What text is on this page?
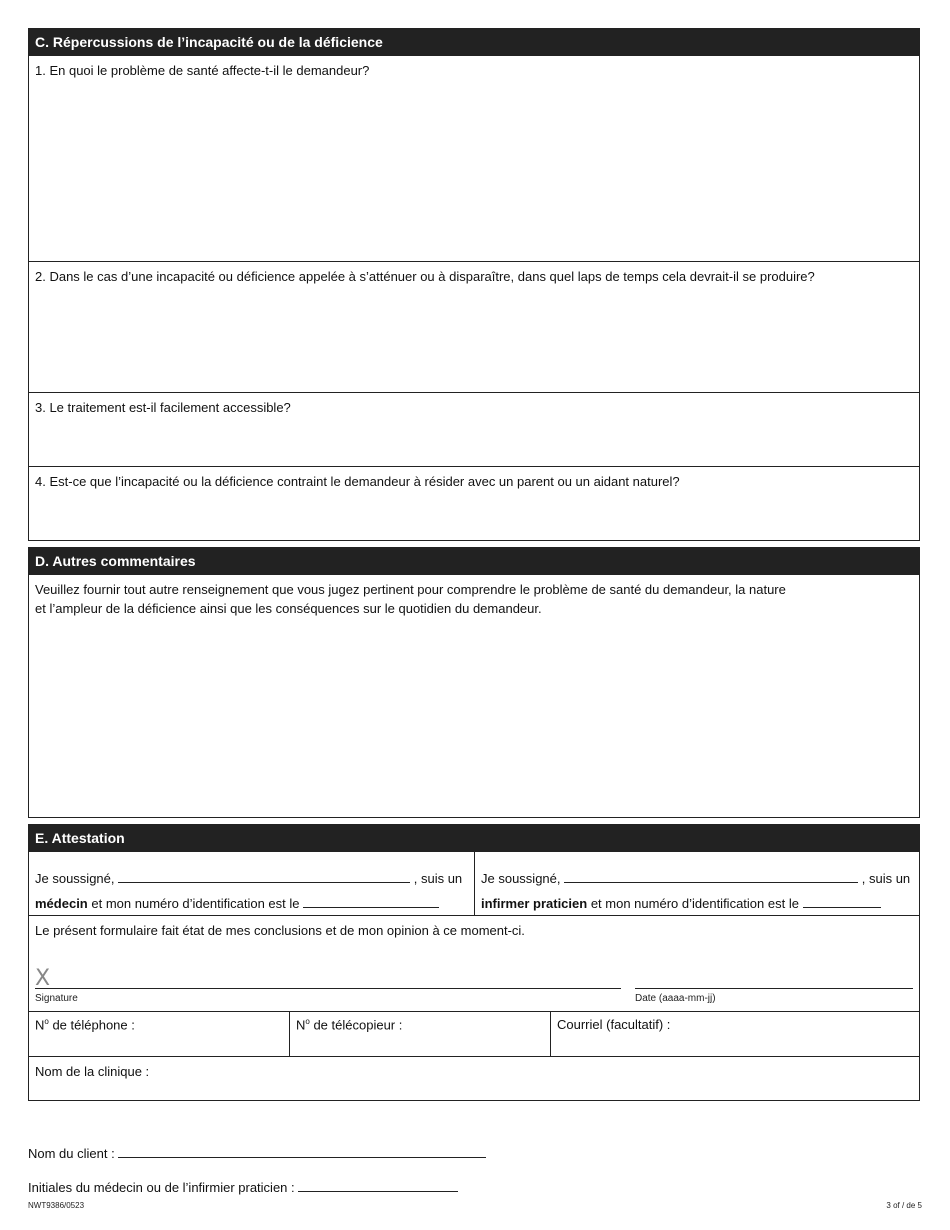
C. Répercussions de l’incapacité ou de la déficience
1. En quoi le problème de santé affecte-t-il le demandeur?
2. Dans le cas d’une incapacité ou déficience appelée à s’atténuer ou à disparaître, dans quel laps de temps cela devrait-il se produire?
3. Le traitement est-il facilement accessible?
4. Est-ce que l’incapacité ou la déficience contraint le demandeur à résider avec un parent ou un aidant naturel?
D. Autres commentaires
Veuillez fournir tout autre renseignement que vous jugez pertinent pour comprendre le problème de santé du demandeur, la nature
et l’ampleur de la déficience ainsi que les conséquences sur le quotidien du demandeur.
E. Attestation
Je soussigné,	, suis un
médecin et mon numéro d’identification est le
Je soussigné,	, suis un
infirmer praticien et mon numéro d’identification est le
Le présent formulaire fait état de mes conclusions et de mon opinion à ce moment-ci.
X
Signature	Date (aaaa-mm-jj)
$N^o$ de téléphone :	$N^o$ de télécopieur :	Courriel (facultatif) :
Nom de la clinique :
Nom du client :
Initiales du médecin ou de l’infirmier praticien :
NWT9386/0523	3 of / de 5
